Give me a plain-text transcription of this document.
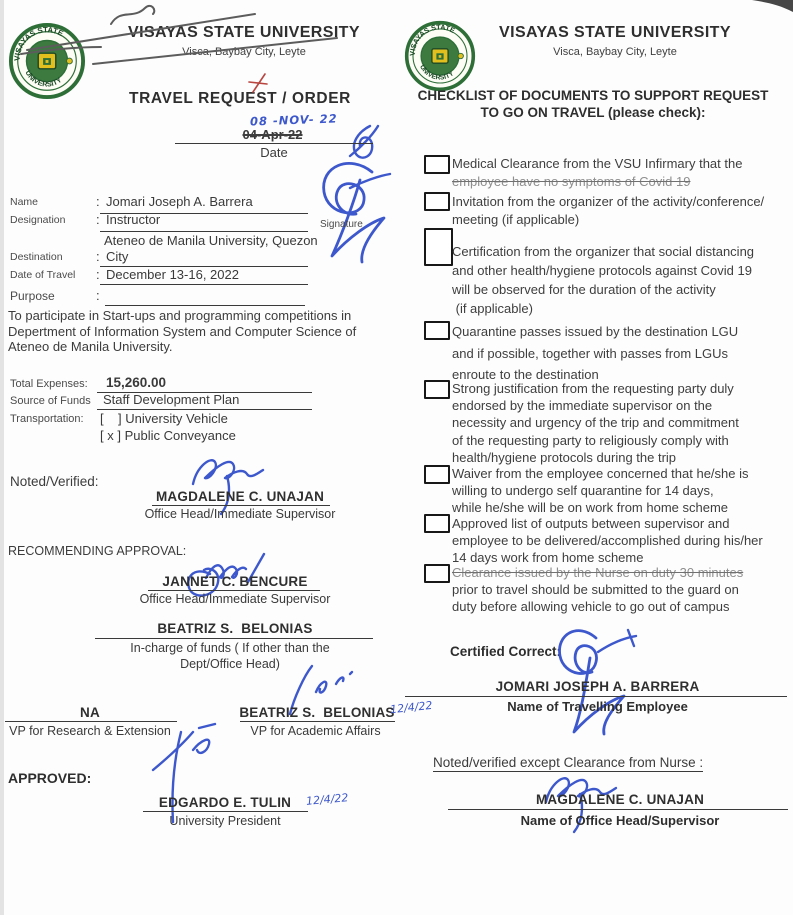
VISAYAS STATE UNIVERSITY
Visca, Baybay City, Leyte
TRAVEL REQUEST / ORDER
08 -NOV- 22
04-Apr-22
Date
Name	: Jomari Joseph A. Barrera
Designation : Instructor	Signature
Ateneo de Manila University, Quezon
Destination	: City
Date of Travel : December 13-16, 2022
Purpose	:
To participate in Start-ups and programming competitions in
Depertment of Information System and Computer Science of
Ateneo de Manila University.
Total Expenses: 15,260.00
Source of Funds Staff Development Plan
Transportation: [    ] University Vehicle
[ x ] Public Conveyance
Noted/Verified:
MAGDALENE C. UNAJAN
Office Head/Immediate Supervisor
RECOMMENDING APPROVAL:
JANNET C. BENCURE
Office Head/Immediate Supervisor
BEATRIZ S.  BELONIAS
In-charge of funds ( If other than the
Dept/Office Head)
NA
VP for Research & Extension
BEATRIZ S.  BELONIAS
12/4/22
VP for Academic Affairs
APPROVED:
EDGARDO E. TULIN	12/4/22
University President
VISAYAS STATE UNIVERSITY
Visca, Baybay City, Leyte
CHECKLIST OF DOCUMENTS TO SUPPORT REQUEST
TO GO ON TRAVEL (please check):
Medical Clearance from the VSU Infirmary that the
employee have no symptoms of Covid 19
Invitation from the organizer of the activity/conference/
meeting (if applicable)
Certification from the organizer that social distancing
and other health/hygiene protocols against Covid 19
will be observed for the duration of the activity
(if applicable)
Quarantine passes issued by the destination LGU
and if possible, together with passes from LGUs
enroute to the destination
Strong justification from the requesting party duly
endorsed by the immediate supervisor on the
necessity and urgency of the trip and commitment
of the requesting party to religiously comply with
health/hygiene protocols during the trip
Waiver from the employee concerned that he/she is
willing to undergo self quarantine for 14 days,
while he/she will be on work from home scheme
Approved list of outputs between supervisor and
employee to be delivered/accomplished during his/her
14 days work from home scheme
Clearance issued by the Nurse on duty 30 minutes
prior to travel should be submitted to the guard on
duty before allowing vehicle to go out of campus
Certified Correct:
JOMARI JOSEPH A. BARRERA
Name of Travelling Employee
Noted/verified except Clearance from Nurse :
MAGDALENE C. UNAJAN
Name of Office Head/Supervisor
